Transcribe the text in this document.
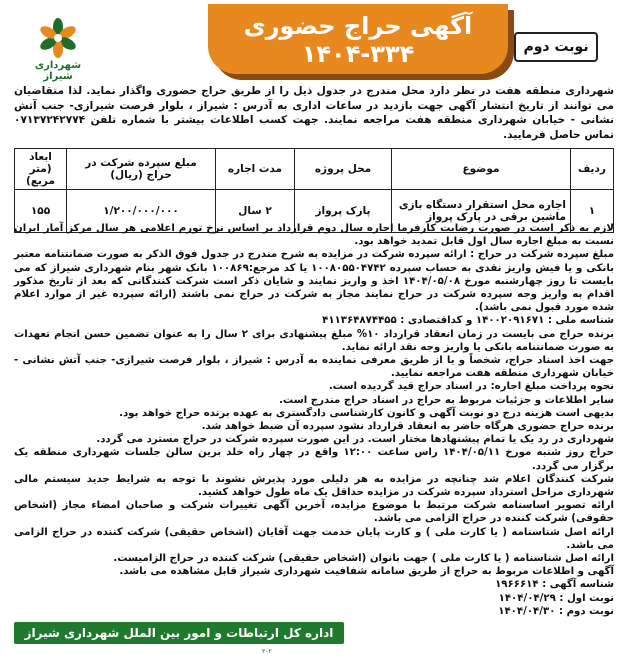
آگهی حراج حضوری
۱۴۰۴-۳۳۴	نوبت دوم
شهرداری شیراز
شهرداری منطقه هفت در نظر دارد محل مندرج در جدول ذیل را از طریق حراج حضوری واگذار نماید. لذا متقاضیان می توانند از تاریخ انتشار آگهی جهت بازدید در ساعات اداری به آدرس : شیراز ، بلوار فرصت شیرازی- جنب آتش نشانی - خیابان شهرداری منطقه هفت مراجعه نمایند. جهت کسب اطلاعات بیشتر با شماره تلفن ۰۷۱۳۷۲۴۲۷۷۴ تماس حاصل فرمایید.
ردیف	موضوع	محل پروژه	مدت اجاره	مبلغ سپرده شرکت در حراج (ریال)	ابعاد (متر مربع)
۱	اجاره محل استقرار دستگاه بازی ماشین برقی در پارک پرواز	پارک پرواز	۲ سال	۱/۲۰۰/۰۰۰/۰۰۰	۱۵۵

لازم به ذکر است در صورت رضایت کارفرما اجاره سال دوم قرارداد بر اساس نرخ تورم اعلامی هر سال مرکز آمار ایران نسبت به مبلغ اجاره سال اول قابل تمدید خواهد بود.

مبلغ سپرده شرکت در حراج : ارائه سپرده شرکت در مزایده به شرح مندرج در جدول فوق الذکر به صورت ضمانتنامه معتبر بانکی و یا فیش واریز نقدی به حساب سپرده ۱۰۰۸۰۵۵۰۴۷۴۲ یا کد مرجع:۱۰۰۸۶۹ بانک شهر بنام شهرداری شیراز که می بایست تا روز چهارشنبه مورخ ۱۴۰۴/۰۵/۰۸ اخذ و واریز نمایند و شایان ذکر است شرکت کنندگانی که بعد از تاریخ مذکور اقدام به واریز وجه سپرده شرکت در حراج نمایند مجاز به شرکت در حراج نمی باشند (ارائه سپرده غیر از موارد اعلام شده مورد قبول نمی باشد).

شناسه ملی : ۱۴۰۰۲۰۹۱۶۷۱ و کداقتصادی : ۴۱۱۳۶۴۸۷۴۴۵۵

برنده حراج می بایست در زمان انعقاد قرارداد ۱۰% مبلغ پیشنهادی برای ۲ سال را به عنوان تضمین حسن انجام تعهدات به صورت ضمانتنامه بانکی یا واریز وجه نقد ارائه نماید.

جهت اخذ اسناد حراج، شخصاً و یا از طریق معرفی نماینده به آدرس : شیراز ، بلوار فرصت شیرازی- جنب آتش نشانی - خیابان شهرداری منطقه هفت مراجعه نمایید.

نحوه پرداخت مبلغ اجاره: در اسناد حراج قید گردیده است.

سایر اطلاعات و جزئیات مربوط به حراج در اسناد حراج مندرج است.

بدیهی است هزینه درج دو نوبت آگهی و کانون کارشناسی دادگستری به عهده برنده حراج خواهد بود.

برنده حراج حضوری هرگاه حاضر به انعقاد قرارداد نشود سپرده آن ضبط خواهد شد.

شهرداری در رد یک یا تمام پیشنهادها مختار است. در این صورت سپرده شرکت در حراج مسترد می گردد.

حراج روز شنبه مورخ ۱۴۰۴/۰۵/۱۱ راس ساعت ۱۲:۰۰ واقع در چهار راه خلد برین سالن جلسات شهرداری منطقه یک برگزار می گردد.

شرکت کنندگان اعلام شد چنانچه در مزایده به هر دلیلی مورد پذیرش نشوند با توجه به شرایط جدید سیستم مالی شهرداری مراحل استرداد سپرده شرکت در مزایده حداقل یک ماه طول خواهد کشید.

ارائه تصویر اساسنامه شرکت مرتبط با موضوع مزایده، آخرین آگهی تغییرات شرکت و صاحبان امضاء مجاز (اشخاص حقوقی) شرکت کننده در حراج الزامی می باشد.

ارائه اصل شناسنامه ( یا کارت ملی ) و کارت پایان خدمت جهت آقایان (اشخاص حقیقی) شرکت کننده در حراج الزامی می باشد.

ارائه اصل شناسنامه ( یا کارت ملی ) جهت بانوان (اشخاص حقیقی) شرکت کننده در حراج الزامیست.

آگهی و اطلاعات مربوط به حراج از طریق سامانه شفافیت شهرداری شیراز قابل مشاهده می باشد.

شناسه آگهی : ۱۹۶۶۶۱۴

نوبت اول : ۱۴۰۴/۰۴/۲۹

نوبت دوم : ۱۴۰۴/۰۴/۳۰

اداره کل ارتباطات و امور بین الملل شهرداری شیراز
۳۰۲
